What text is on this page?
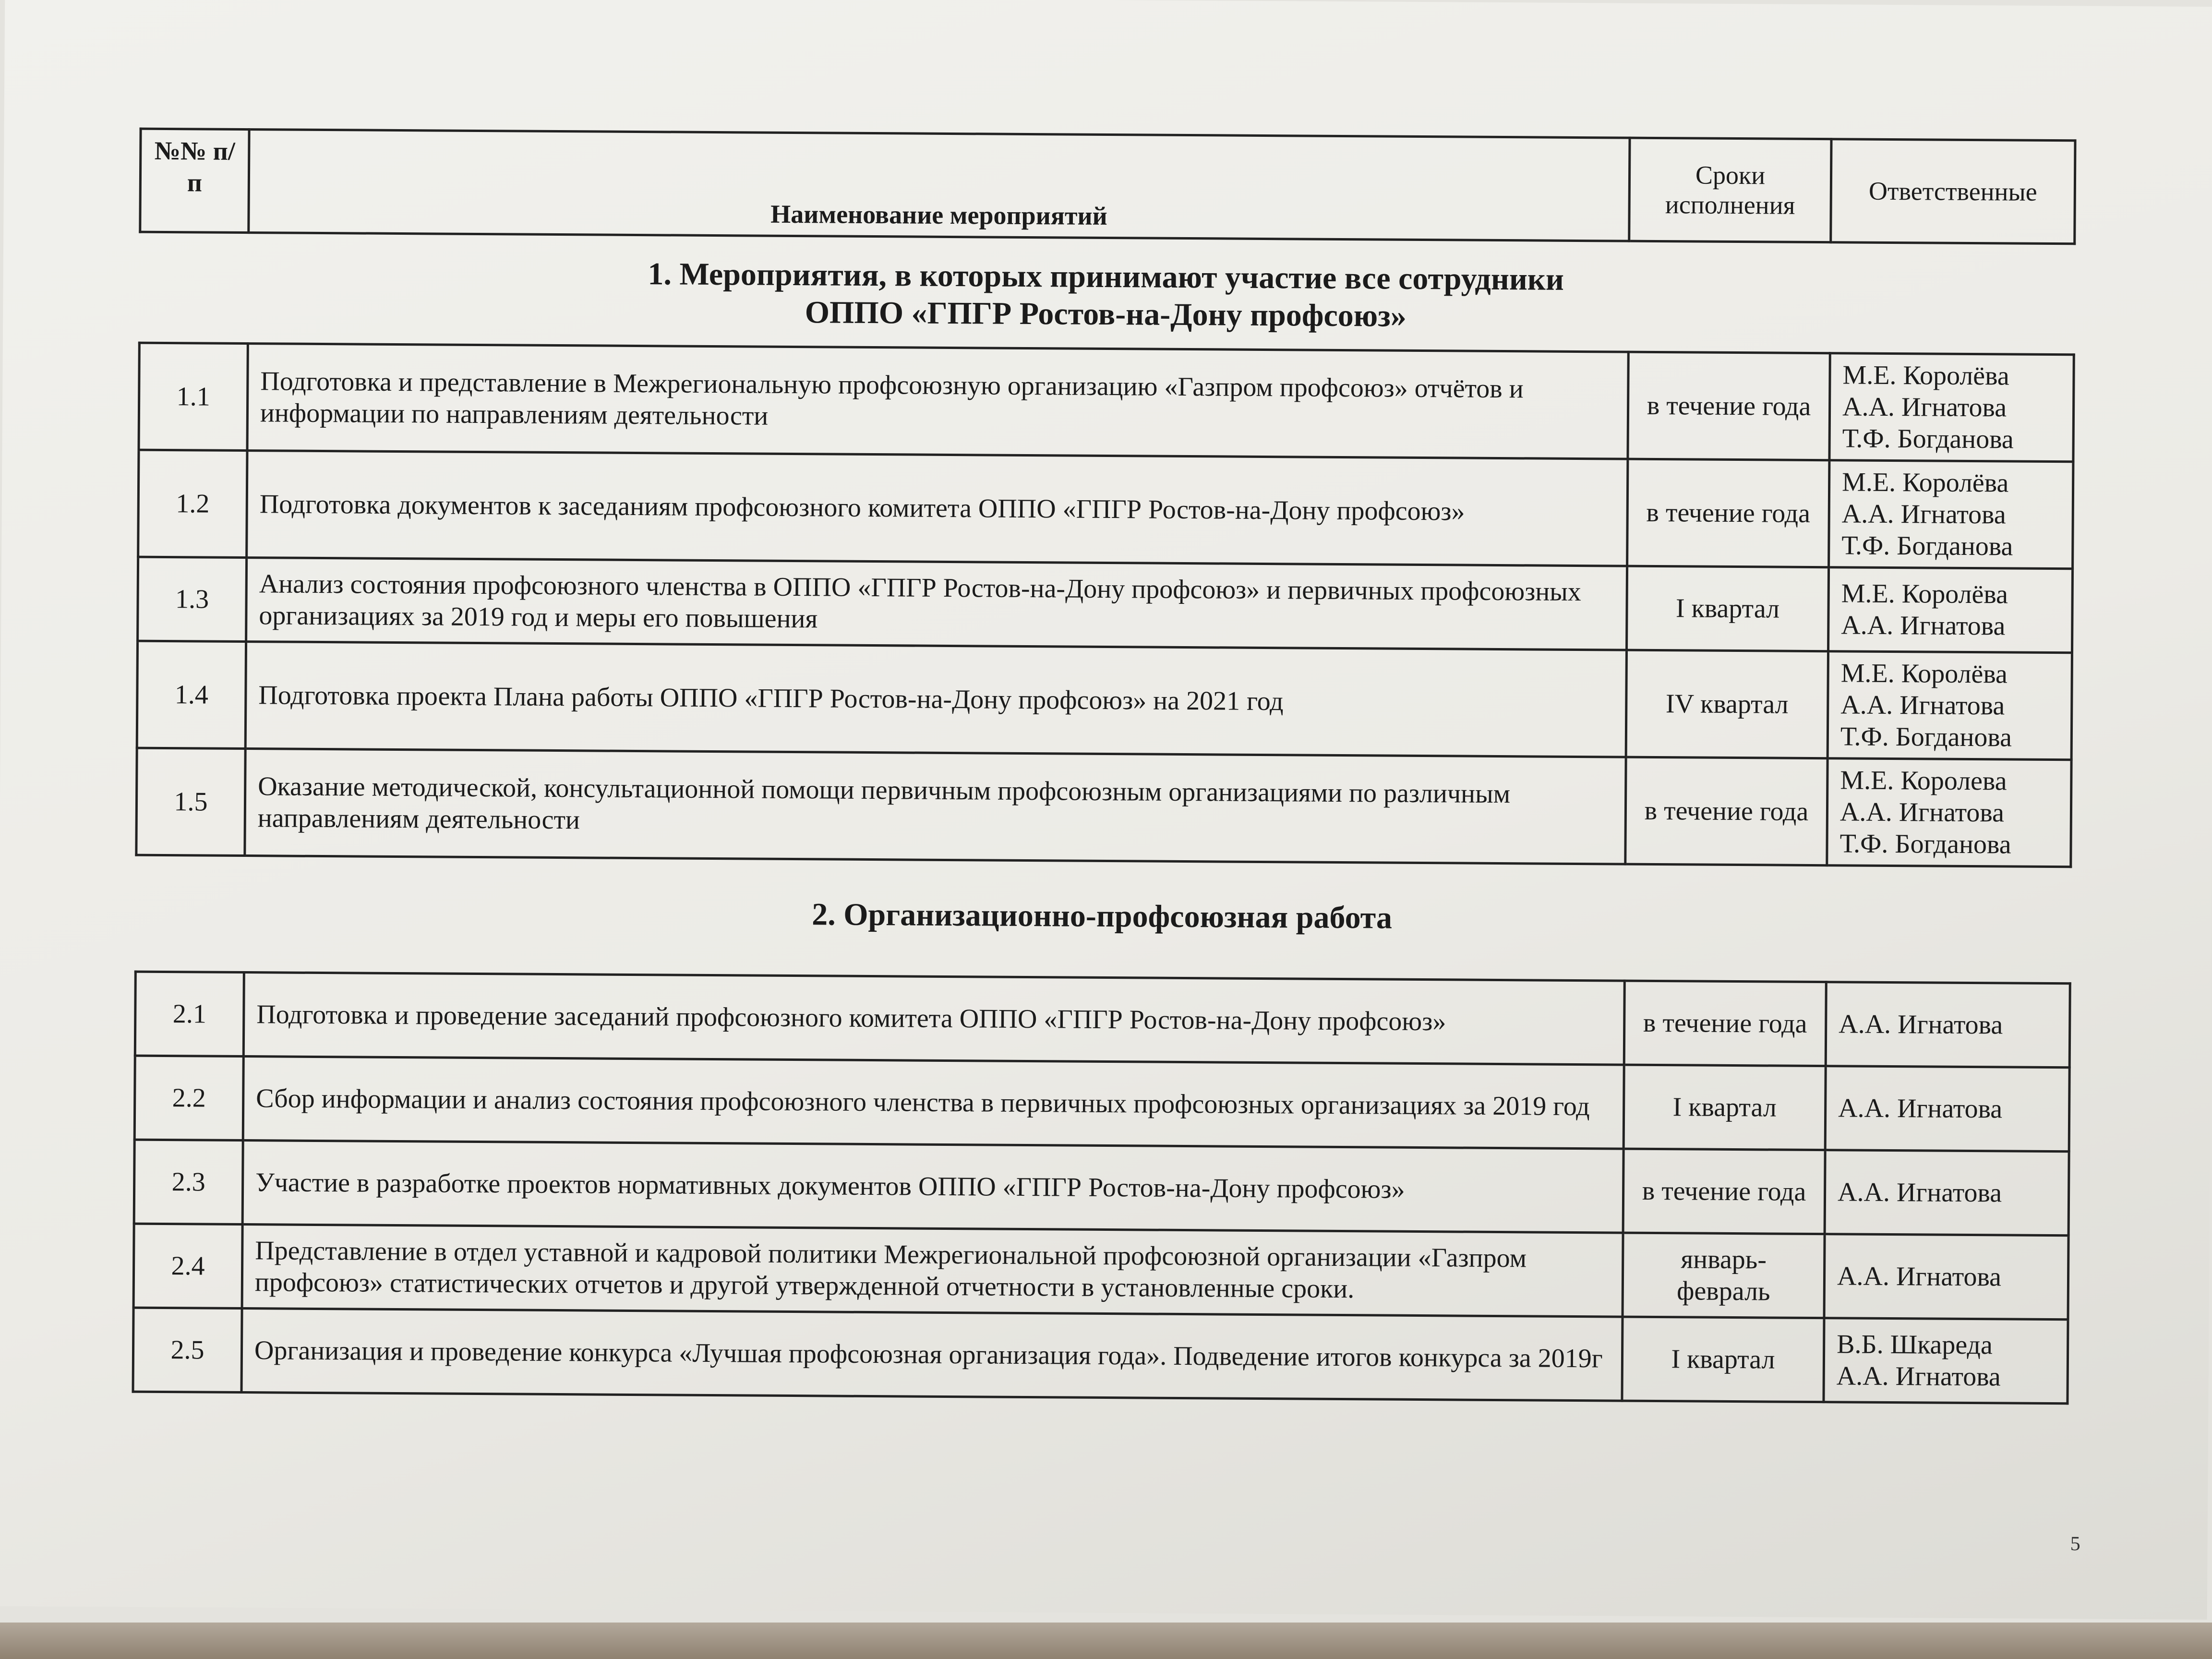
№№ п/п	Наименование мероприятий	Сроки исполнения	Ответственные
1. Мероприятия, в которых принимают участие все сотрудники
ОППО «ГПГР Ростов-на-Дону профсоюз»
1.1	Подготовка и представление в Межрегиональную профсоюзную организацию «Газпром профсоюз» отчётов и информации по направлениям деятельности	в течение года	М.Е. Королёва
А.А. Игнатова
Т.Ф. Богданова

1.2	Подготовка документов к заседаниям профсоюзного комитета ОППО «ГПГР Ростов-на-Дону профсоюз»	в течение года	М.Е. Королёва
А.А. Игнатова
Т.Ф. Богданова

1.3	Анализ состояния профсоюзного членства в ОППО «ГПГР Ростов-на-Дону профсоюз» и первичных профсоюзных организациях за 2019 год и меры его повышения	I квартал	М.Е. Королёва
А.А. Игнатова

1.4	Подготовка проекта Плана работы ОППО «ГПГР Ростов-на-Дону профсоюз» на 2021 год	IV квартал	М.Е. Королёва
А.А. Игнатова
Т.Ф. Богданова

1.5	Оказание методической, консультационной помощи первичным профсоюзным организациями по различным направлениям деятельности	в течение года	М.Е. Королева
А.А. Игнатова
Т.Ф. Богданова
2. Организационно-профсоюзная работа
2.1	Подготовка и проведение заседаний профсоюзного комитета ОППО «ГПГР Ростов-на-Дону профсоюз»	в течение года	А.А. Игнатова

2.2	Сбор информации и анализ состояния профсоюзного членства в первичных профсоюзных организациях за 2019 год	I квартал	А.А. Игнатова

2.3	Участие в разработке проектов нормативных документов ОППО «ГПГР Ростов-на-Дону профсоюз»	в течение года	А.А. Игнатова

2.4	Представление в отдел уставной и кадровой политики Межрегиональной профсоюзной организации «Газпром профсоюз» статистических отчетов и другой утвержденной отчетности в установленные сроки.	январь-февраль	А.А. Игнатова

2.5	Организация и проведение конкурса «Лучшая профсоюзная организация года». Подведение итогов конкурса за 2019г	I квартал	В.Б. Шкареда
А.А. Игнатова
5
